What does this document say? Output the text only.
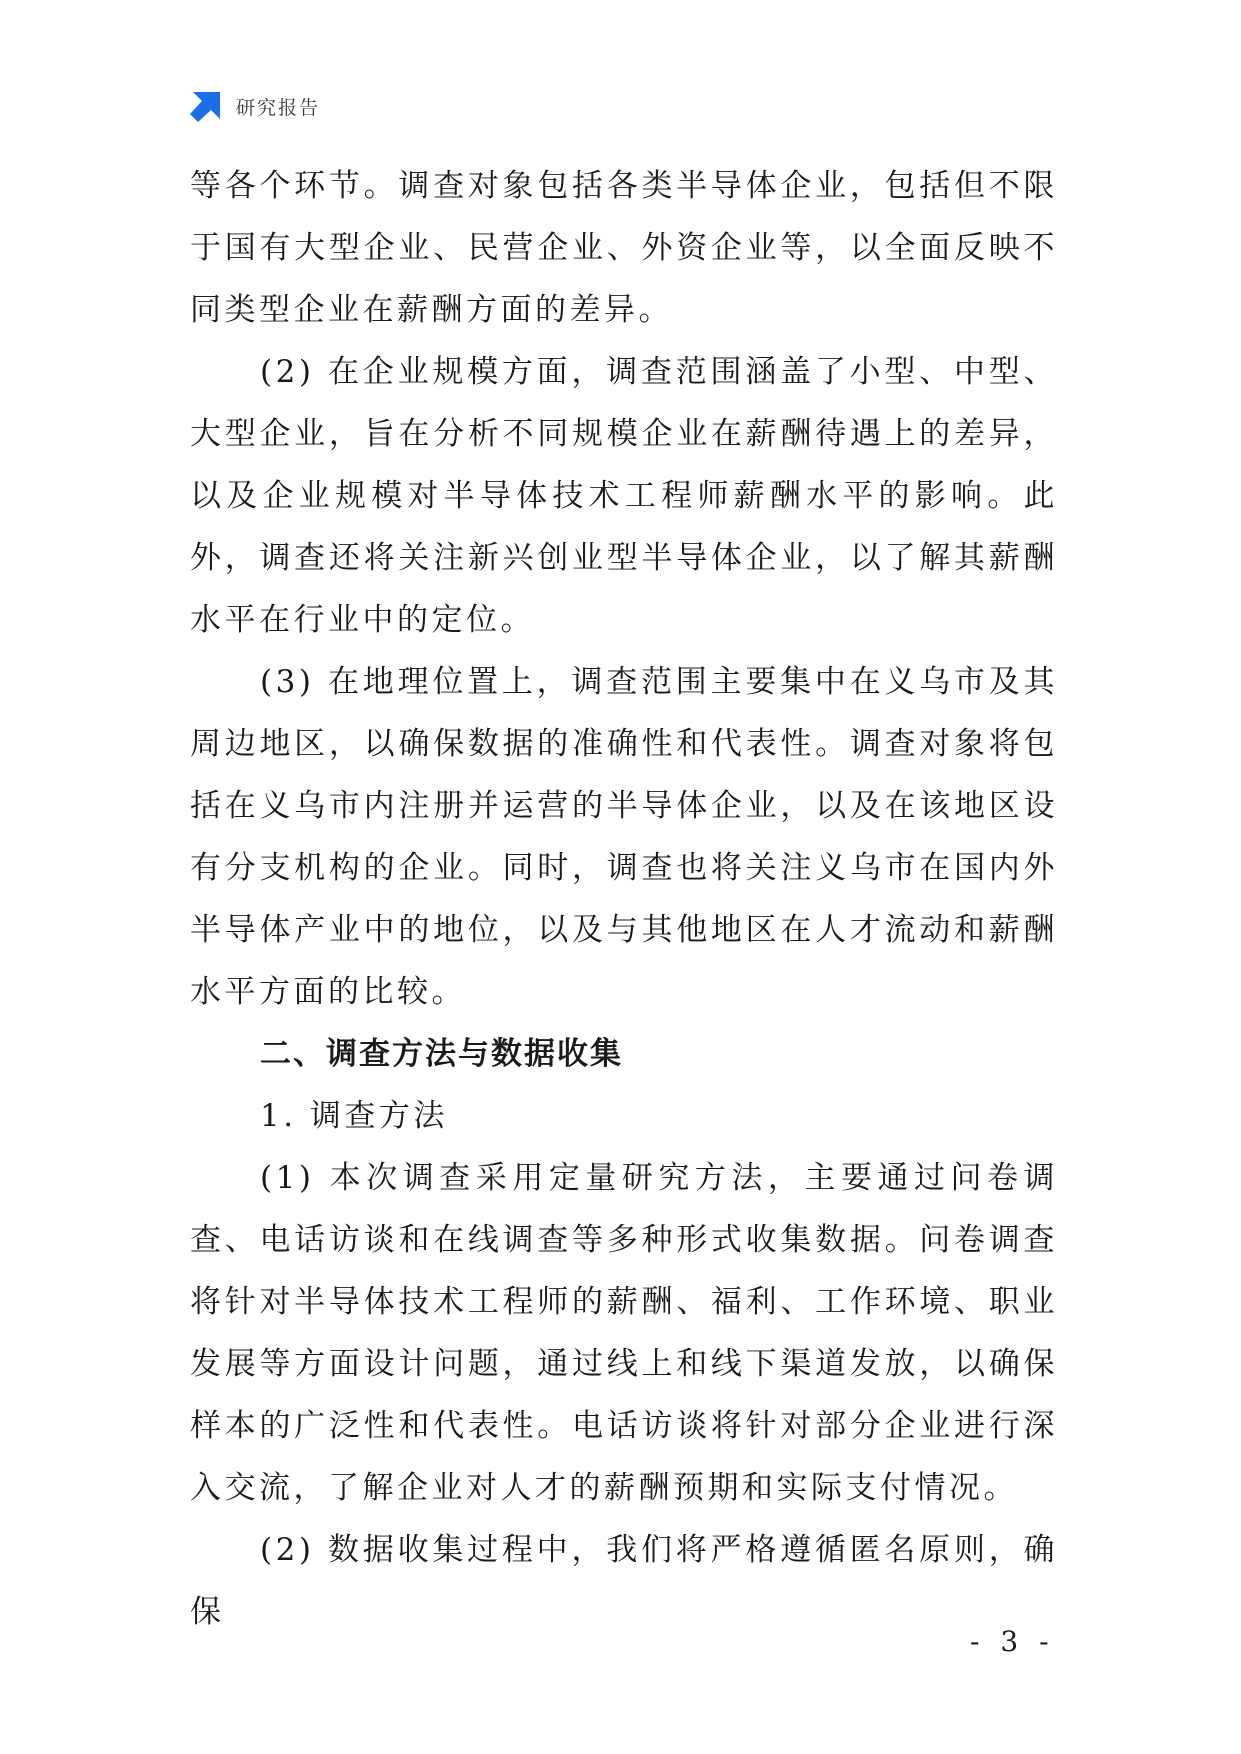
研究报告

等各个环节。调查对象包括各类半导体企业，包括但不限于国有大型企业、民营企业、外资企业等，以全面反映不同类型企业在薪酬方面的差异。

(2) 在企业规模方面，调查范围涵盖了小型、中型、大型企业，旨在分析不同规模企业在薪酬待遇上的差异，以及企业规模对半导体技术工程师薪酬水平的影响。此外，调查还将关注新兴创业型半导体企业，以了解其薪酬水平在行业中的定位。

(3) 在地理位置上，调查范围主要集中在义乌市及其周边地区，以确保数据的准确性和代表性。调查对象将包括在义乌市内注册并运营的半导体企业，以及在该地区设有分支机构的企业。同时，调查也将关注义乌市在国内外半导体产业中的地位，以及与其他地区在人才流动和薪酬水平方面的比较。

二、调查方法与数据收集

1. 调查方法

(1) 本次调查采用定量研究方法，主要通过问卷调查、电话访谈和在线调查等多种形式收集数据。问卷调查将针对半导体技术工程师的薪酬、福利、工作环境、职业发展等方面设计问题，通过线上和线下渠道发放，以确保样本的广泛性和代表性。电话访谈将针对部分企业进行深入交流，了解企业对人才的薪酬预期和实际支付情况。

(2) 数据收集过程中，我们将严格遵循匿名原则，确保

- 3 -
